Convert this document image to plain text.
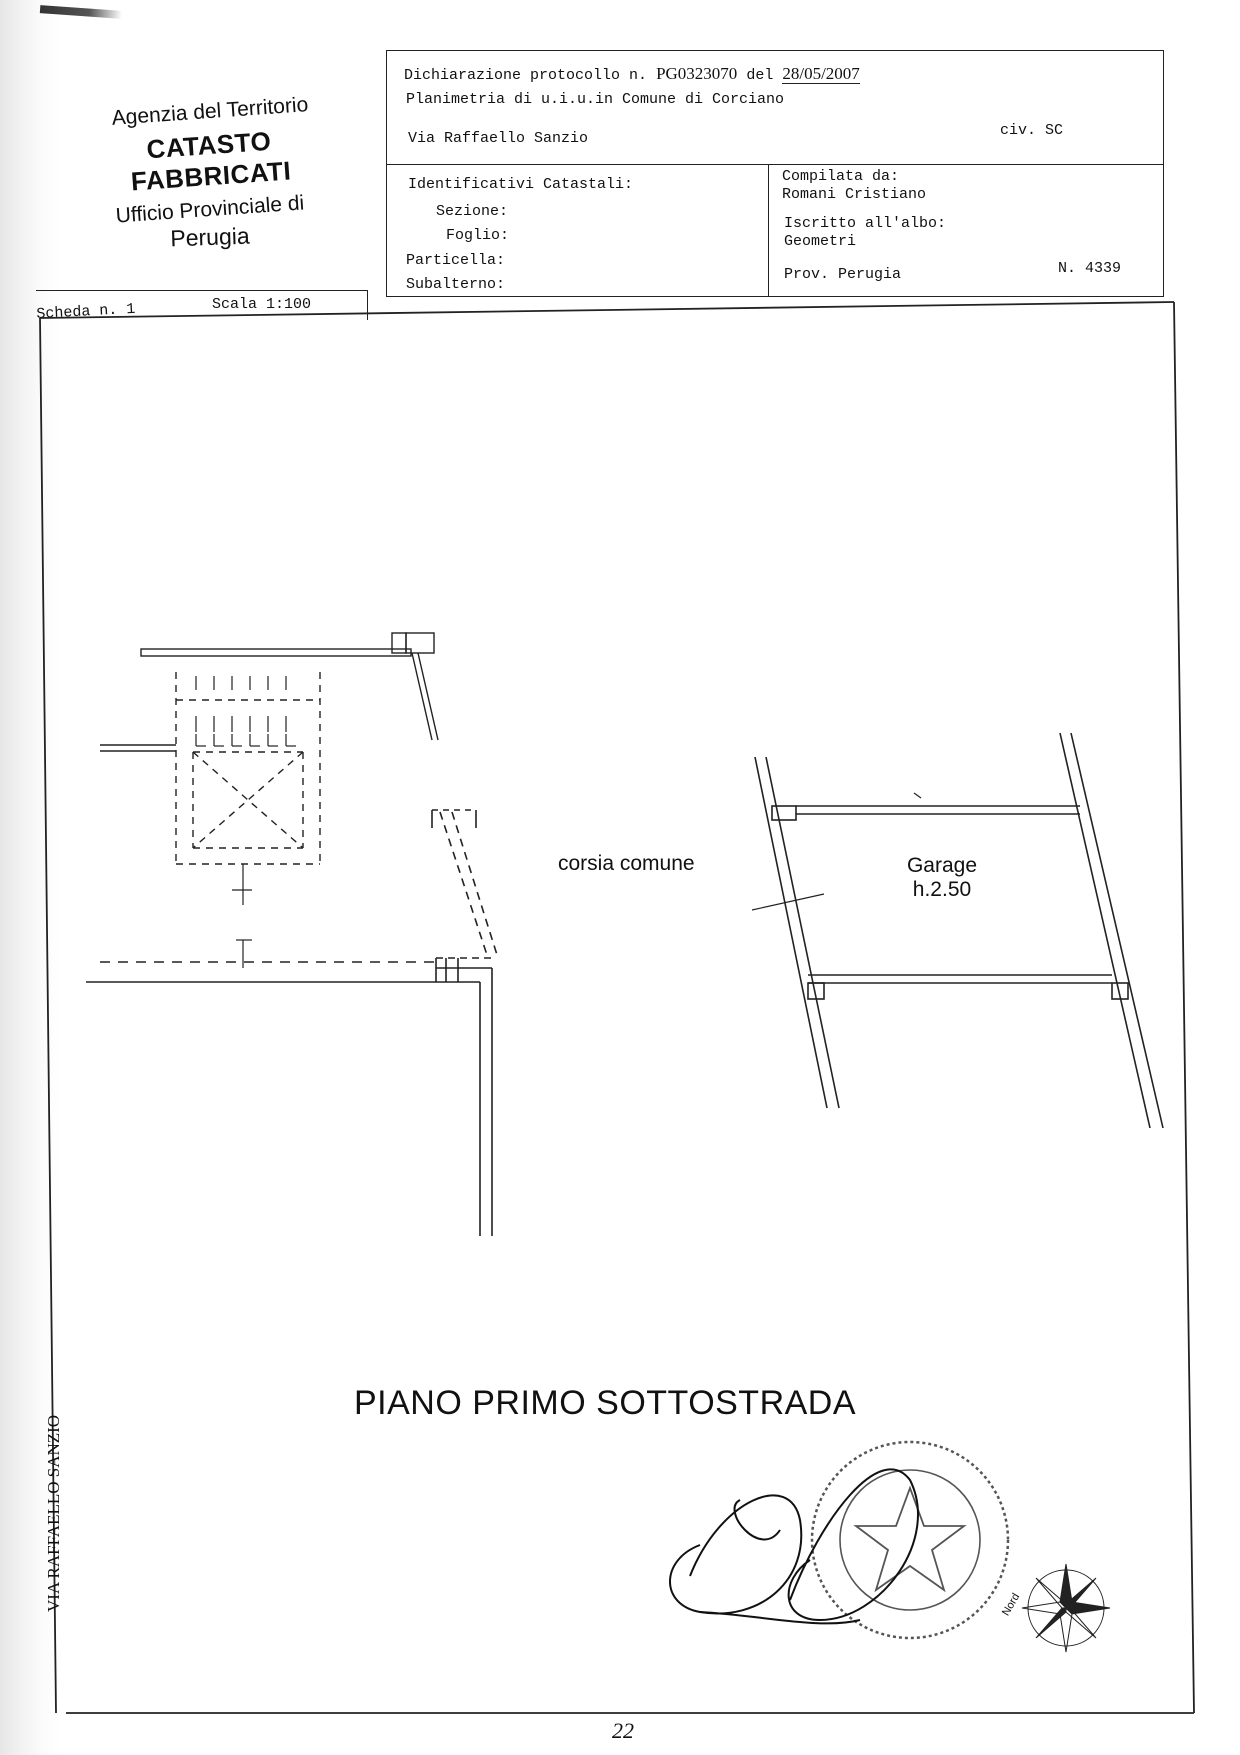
Agenzia del Territorio
CATASTO FABBRICATI
Ufficio Provinciale di
Perugia
Dichiarazione protocollo n. PG0323070 del 28/05/2007
Planimetria di u.i.u.in Comune di Corciano
Via Raffaello Sanzio	civ. SC
Identificativi Catastali:
Sezione:
Foglio:
Particella:
Subalterno:
Compilata da:
Romani Cristiano
Iscritto all'albo:
Geometri
Prov. Perugia	N. 4339
Scheda n. 1	Scala 1:100
corsia comune	Garage
h.2.50
PIANO PRIMO SOTTOSTRADA
VIA RAFFAELLO SANZIO	Nord
22
